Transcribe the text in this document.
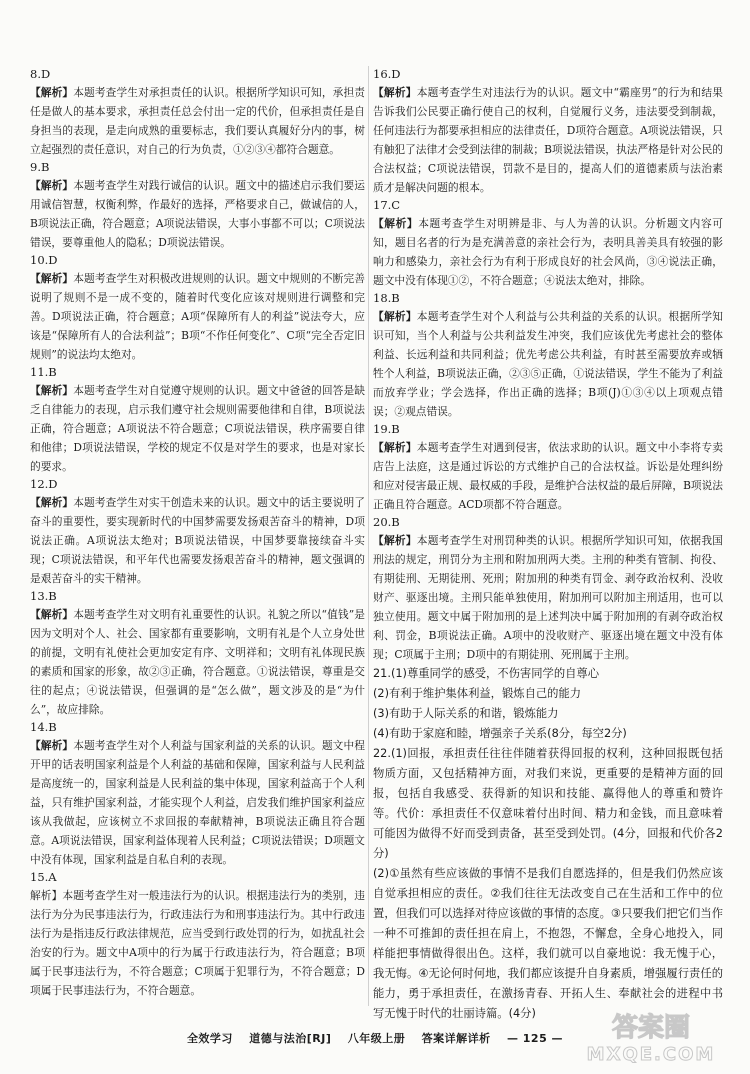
8.D

【解析】本题考查学生对承担责任的认识。根据所学知识可知，承担责任是做人的基本要求，承担责任总会付出一定的代价，但承担责任是自身担当的表现，是走向成熟的重要标志，我们要认真履好分内的事，树立起强烈的责任意识，对自己的行为负责，①②③④都符合题意。

9.B

【解析】本题考查学生对践行诚信的认识。题文中的描述启示我们要运用诚信智慧，权衡利弊，作最好的选择，严格要求自己，做诚信的人，B项说法正确，符合题意；A项说法错误，大事小事都不可以；C项说法错误，要尊重他人的隐私；D项说法错误。

10.D

【解析】本题考查学生对积极改进规则的认识。题文中规则的不断完善说明了规则不是一成不变的，随着时代变化应该对规则进行调整和完善。D项说法正确，符合题意；A项“保障所有人的利益”说法夸大，应该是“保障所有人的合法利益”；B项“不作任何变化”、C项“完全否定旧规则”的说法均太绝对。

11.B

【解析】本题考查学生对自觉遵守规则的认识。题文中爸爸的回答是缺乏自律能力的表现，启示我们遵守社会规则需要他律和自律，B项说法正确，符合题意；A项说法不符合题意；C项说法错误，秩序需要自律和他律；D项说法错误，学校的规定不仅是对学生的要求，也是对家长的要求。

12.D

【解析】本题考查学生对实干创造未来的认识。题文中的话主要说明了奋斗的重要性，要实现新时代的中国梦需要发扬艰苦奋斗的精神，D项说法正确。A项说法太绝对；B项说法错误，中国梦要靠接续奋斗实现；C项说法错误，和平年代也需要发扬艰苦奋斗的精神，题文强调的是艰苦奋斗的实干精神。

13.B

【解析】本题考查学生对文明有礼重要性的认识。礼貌之所以“值钱”是因为文明对个人、社会、国家都有重要影响，文明有礼是个人立身处世的前提，文明有礼使社会更加安定有序、文明祥和；文明有礼体现民族的素质和国家的形象，故②③正确，符合题意。①说法错误，尊重是交往的起点；④说法错误，但强调的是“怎么做”，题文涉及的是“为什么”，故应排除。

14.B

【解析】本题考查学生对个人利益与国家利益的关系的认识。题文中程开甲的话表明国家利益是个人利益的基础和保障，国家利益与人民利益是高度统一的，国家利益是人民利益的集中体现，国家利益高于个人利益，只有维护国家利益，才能实现个人利益，启发我们维护国家利益应该从我做起，应该树立不求回报的奉献精神，B项说法正确且符合题意。A项说法错误，国家利益体现着人民利益；C项说法错误；D项题文中没有体现，国家利益是自私自利的表现。

15.A

解析】本题考查学生对一般违法行为的认识。根据违法行为的类别，违法行为分为民事违法行为，行政违法行为和刑事违法行为。其中行政违法行为是指违反行政法律规范，应当受到行政处罚的行为，如扰乱社会治安的行为。题文中A项中的行为属于行政违法行为，符合题意；B项属于民事违法行为，不符合题意；C项属于犯罪行为，不符合题意；D项属于民事违法行为，不符合题意。

16.D

【解析】本题考查学生对违法行为的认识。题文中“霸座男”的行为和结果告诉我们公民要正确行使自己的权利，自觉履行义务，违法要受到制裁，任何违法行为都要承担相应的法律责任，D项符合题意。A项说法错误，只有触犯了法律才会受到法律的制裁；B项说法错误，执法严格是针对公民的合法权益；C项说法错误，罚款不是目的，提高人们的道德素质与法治素质才是解决问题的根本。

17.C

【解析】本题考查学生对明辨是非、与人为善的认识。分析题文内容可知，题目名者的行为是充满善意的亲社会行为，表明具善美具有较强的影响力和感染力，亲社会行为有利于形成良好的社会风尚，③④说法正确，题文中没有体现①②，不符合题意；④说法太绝对，排除。

18.B

【解析】本题考查学生对个人利益与公共利益的关系的认识。根据所学知识可知，当个人利益与公共利益发生冲突，我们应该优先考虑社会的整体利益、长远利益和共同利益；优先考虑公共利益，有时甚至需要放弃或牺牲个人利益，B项说法正确，②③⑤正确，①说法错误，学生不能为了利益而放弃学业；学会选择，作出正确的选择；B项(J)①③④以上项观点错误；②观点错误。

19.B

【解析】本题考查学生对遇到侵害，依法求助的认识。题文中小李将专卖店告上法庭，这是通过诉讼的方式维护自己的合法权益。诉讼是处理纠纷和应对侵害最正规、最权威的手段，是维护合法权益的最后屏障，B项说法正确且符合题意。ACD项都不符合题意。

20.B

【解析】本题考查学生对刑罚种类的认识。根据所学知识可知，依据我国刑法的规定，刑罚分为主刑和附加刑两大类。主刑的种类有管制、拘役、有期徒刑、无期徒刑、死刑；附加刑的种类有罚金、剥夺政治权利、没收财产、驱逐出境。主刑只能单独使用，附加刑可以附加主刑适用，也可以独立使用。题文中属于附加刑的是上述判决中属于附加刑的有剥夺政治权利、罚金，B项说法正确。A项中的没收财产、驱逐出境在题文中没有体现；C项属于主刑；D项中的有期徒刑、死刑属于主刑。

21.(1)尊重同学的感受，不伤害同学的自尊心

(2)有利于维护集体利益，锻炼自己的能力

(3)有助于人际关系的和谐，锻炼能力

(4)有助于家庭和睦，增强亲子关系(8分，每空2分)

22.(1)回报，承担责任往往伴随着获得回报的权利，这种回报既包括物质方面，又包括精神方面，对我们来说，更重要的是精神方面的回报，包括自我感受、获得新的知识和技能、赢得他人的尊重和赞许等。代价：承担责任不仅意味着付出时间、精力和金钱，而且意味着可能因为做得不好而受到责备，甚至受到处罚。(4分，回报和代价各2分)

(2)①虽然有些应该做的事情不是我们自愿选择的，但是我们仍然应该自觉承担相应的责任。②我们往往无法改变自己在生活和工作中的位置，但我们可以选择对待应该做的事情的态度。③只要我们把它们当作一种不可推卸的责任担在肩上，不抱怨，不懈怠，全身心地投入，同样能把事情做得很出色。这样，我们就可以自豪地说：我无愧于心，我无悔。④无论何时何地，我们都应该提升自身素质，增强履行责任的能力，勇于承担责任，在激扬青春、开拓人生、奉献社会的进程中书写无愧于时代的壮丽诗篇。(4分)

全效学习 道德与法治[RJ] 八年级上册 答案详解详析 — 125 —	答案圈
MXQE.COM
